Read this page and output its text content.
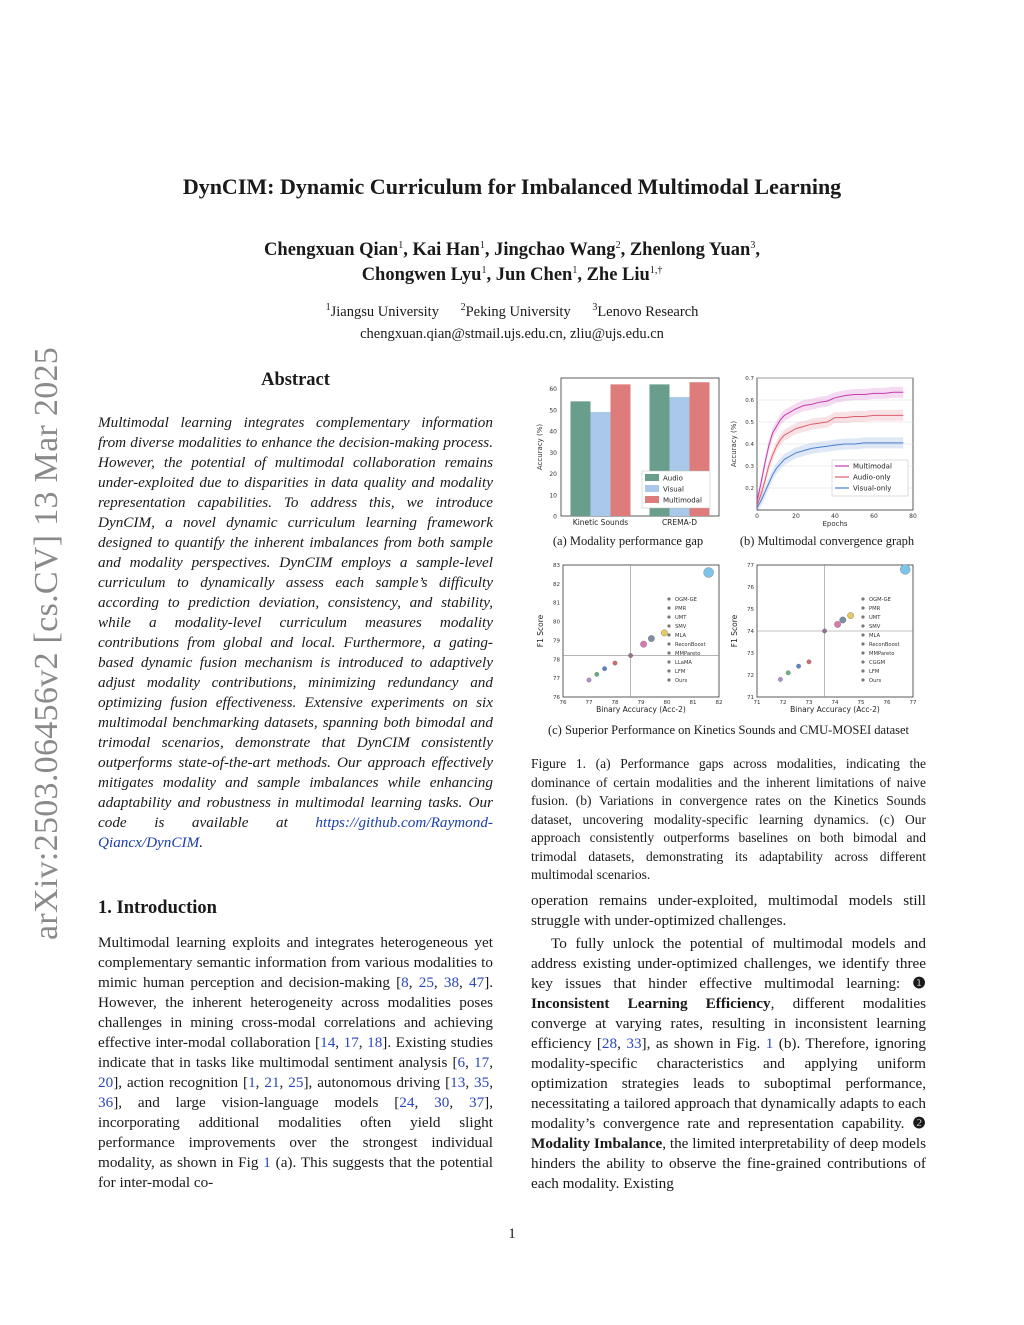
arXiv:2503.06456v2 [cs.CV] 13 Mar 2025
DynCIM: Dynamic Curriculum for Imbalanced Multimodal Learning
Chengxuan Qian$^1$, Kai Han$^1$, Jingchao Wang$^2$, Zhenlong Yuan$^3$,
Chongwen Lyu$^1$, Jun Chen$^1$, Zhe Liu$^{1,\dagger}$
$^1$Jiangsu University $^2$Peking University $^3$Lenovo Research
chengxuan.qian@stmail.ujs.edu.cn, zliu@ujs.edu.cn
Abstract
Multimodal learning integrates complementary information from diverse modalities to enhance the decision-making process. However, the potential of multimodal collaboration remains under-exploited due to disparities in data quality and modality representation capabilities. To address this, we introduce DynCIM, a novel dynamic curriculum learning framework designed to quantify the inherent imbalances from both sample and modality perspectives. DynCIM employs a sample-level curriculum to dynamically assess each sample’s difficulty according to prediction deviation, consistency, and stability, while a modality-level curriculum measures modality contributions from global and local. Furthermore, a gating-based dynamic fusion mechanism is introduced to adaptively adjust modality contributions, minimizing redundancy and optimizing fusion effectiveness. Extensive experiments on six multimodal benchmarking datasets, spanning both bimodal and trimodal scenarios, demonstrate that DynCIM consistently outperforms state-of-the-art methods. Our approach effectively mitigates modality and sample imbalances while enhancing adaptability and robustness in multimodal learning tasks. Our code is available at https://github.com/Raymond-Qiancx/DynCIM.
1. Introduction
Multimodal learning exploits and integrates heterogeneous yet complementary semantic information from various modalities to mimic human perception and decision-making [8, 25, 38, 47]. However, the inherent heterogeneity across modalities poses challenges in mining cross-modal correlations and achieving effective inter-modal collaboration [14, 17, 18]. Existing studies indicate that in tasks like multimodal sentiment analysis [6, 17, 20], action recognition [1, 21, 25], autonomous driving [13, 35, 36], and large vision-language models [24, 30, 37], incorporating additional modalities often yield slight performance improvements over the strongest individual modality, as shown in Fig 1 (a). This suggests that the potential for inter-modal co-
operation remains under-exploited, multimodal models still struggle with under-optimized challenges.
To fully unlock the potential of multimodal models and address existing under-optimized challenges, we identify three key issues that hinder effective multimodal learning: ❶ Inconsistent Learning Efficiency, different modalities converge at varying rates, resulting in inconsistent learning efficiency [28, 33], as shown in Fig. 1 (b). Therefore, ignoring modality-specific characteristics and applying uniform optimization strategies leads to suboptimal performance, necessitating a tailored approach that dynamically adapts to each modality’s convergence rate and representation capability. ❷ Modality Imbalance, the limited interpretability of deep models hinders the ability to observe the fine-grained contributions of each modality. Existing
0
10
20
30
40
50
60
Accuracy (%)
Kinetic Sounds	CREMA-D
Audio
Visual
Multimodal
0.2
0.3
0.4
0.5
0.6
0.7
0	20	40	60	80
Epochs
Accuracy (%)	Multimodal
Audio-only
Visual-only
(a) Modality performance gap	(b) Multimodal convergence graph
76
77
78
79
80
81
82
83
76	77	78	79	80	81	82
Binary Accuracy (Acc-2)
F1 Score
OGM-GE
PMR
UMT
SMV
MLA
ReconBoost
MMPareto
LLaMA
LFM
Ours
71
72
73
74
75
76
77
71	72	73	74	75	76	77
Binary Accuracy (Acc-2)
F1 Score
OGM-GE
PMR
UMT
SMV
MLA
ReconBoost
MMPareto
CGGM
LFM
Ours
(c) Superior Performance on Kinetics Sounds and CMU-MOSEI dataset
Figure 1. (a) Performance gaps across modalities, indicating the dominance of certain modalities and the inherent limitations of naive fusion. (b) Variations in convergence rates on the Kinetics Sounds dataset, uncovering modality-specific learning dynamics. (c) Our approach consistently outperforms baselines on both bimodal and trimodal datasets, demonstrating its adaptability across different multimodal scenarios.
1
